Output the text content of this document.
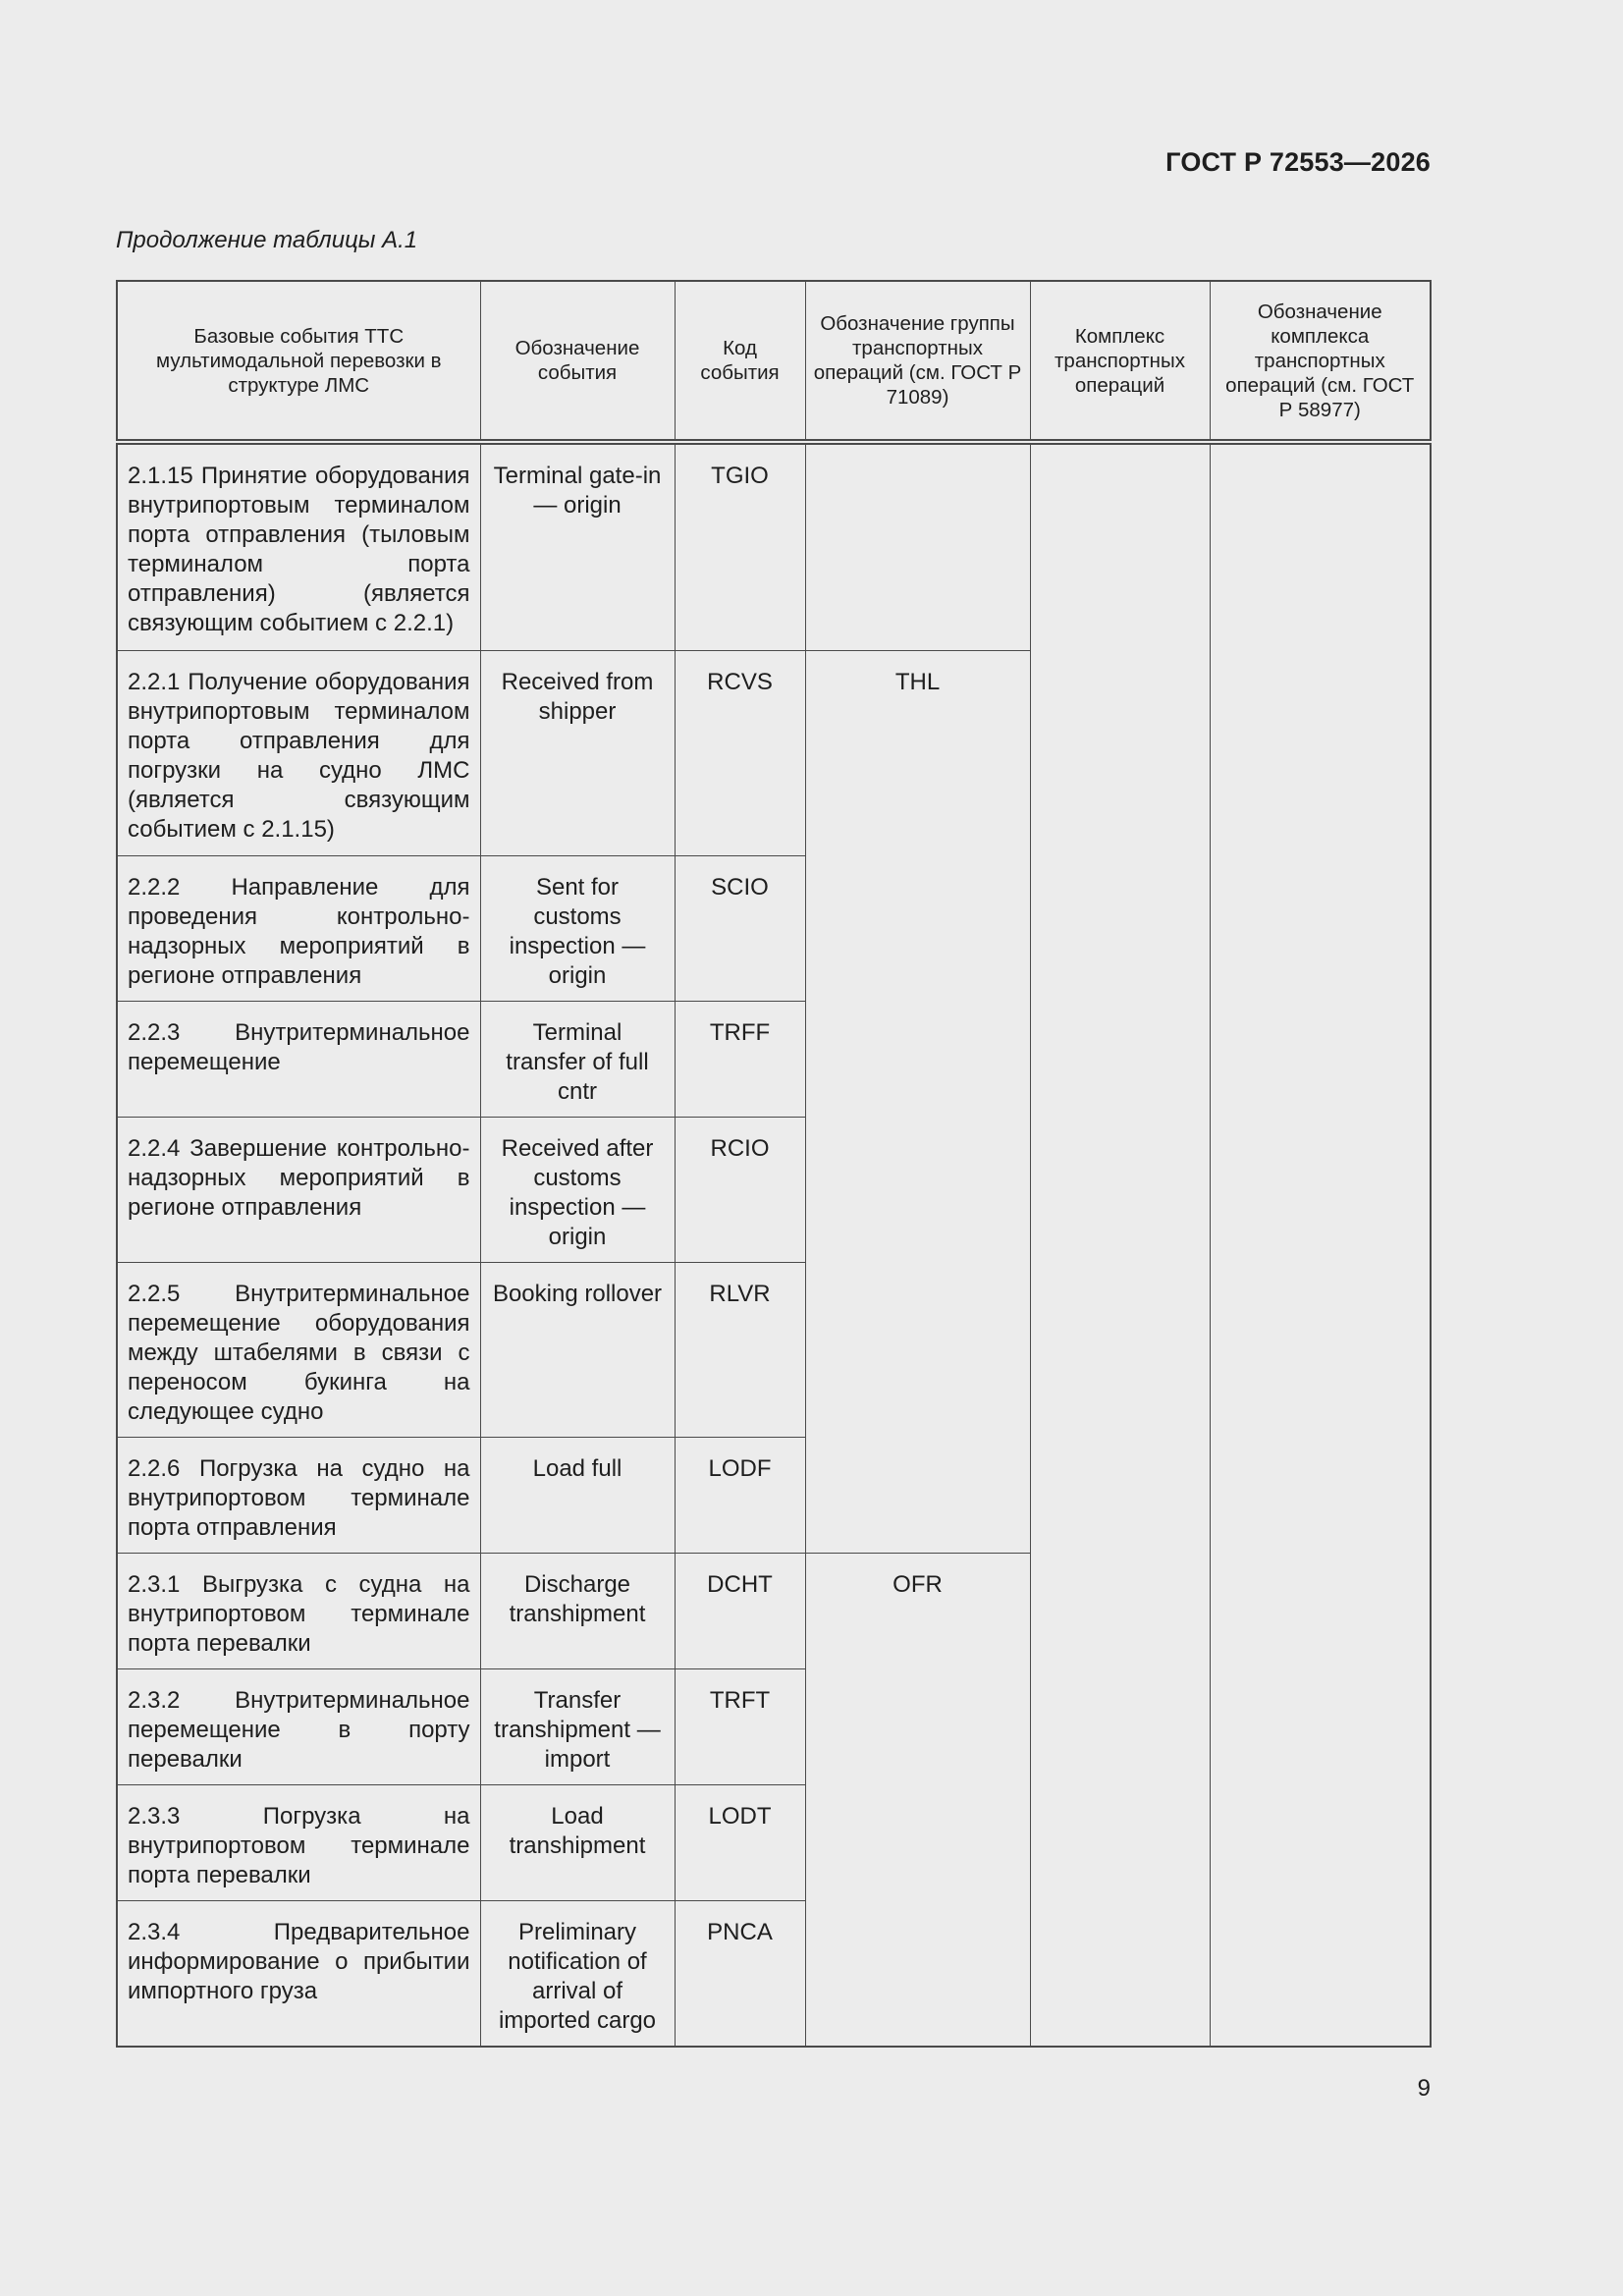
ГОСТ Р 72553—2026
Продолжение таблицы А.1
Базовые события ТТС мультимодальной перевозки в структуре ЛМС	Обозначение события	Код события	Обозначение группы транспортных операций (см. ГОСТ Р 71089)	Комплекс транспортных операций	Обозначение комплекса транспортных операций (см. ГОСТ Р 58977)
2.1.15 Принятие оборудования внутрипортовым терминалом порта отправления (тыловым терминалом порта отправления) (является связующим событием с 2.2.1)	Terminal gate-in — origin	TGIO			
2.2.1 Получение оборудования внутрипортовым терминалом порта отправления для погрузки на судно ЛМС (является связующим событием с 2.1.15)	Received from shipper	RCVS	THL		
2.2.2 Направление для проведения контрольно-надзорных мероприятий в регионе отправления	Sent for customs inspection — origin	SCIO			
2.2.3 Внутритерминальное перемещение	Terminal transfer of full cntr	TRFF			
2.2.4 Завершение контрольно-надзорных мероприятий в регионе отправления	Received after customs inspection — origin	RCIO			
2.2.5 Внутритерминальное перемещение оборудования между штабелями в связи с переносом букинга на следующее судно	Booking rollover	RLVR			
2.2.6 Погрузка на судно на внутрипортовом терминале порта отправления	Load full	LODF			
2.3.1 Выгрузка с судна на внутрипортовом терминале порта перевалки	Discharge transhipment	DCHT	OFR		
2.3.2 Внутритерминальное перемещение в порту перевалки	Transfer transhipment — import	TRFT			
2.3.3 Погрузка на внутрипортовом терминале порта перевалки	Load transhipment	LODT			
2.3.4 Предварительное информирование о прибытии импортного груза	Preliminary notification of arrival of imported cargo	PNCA			
9
